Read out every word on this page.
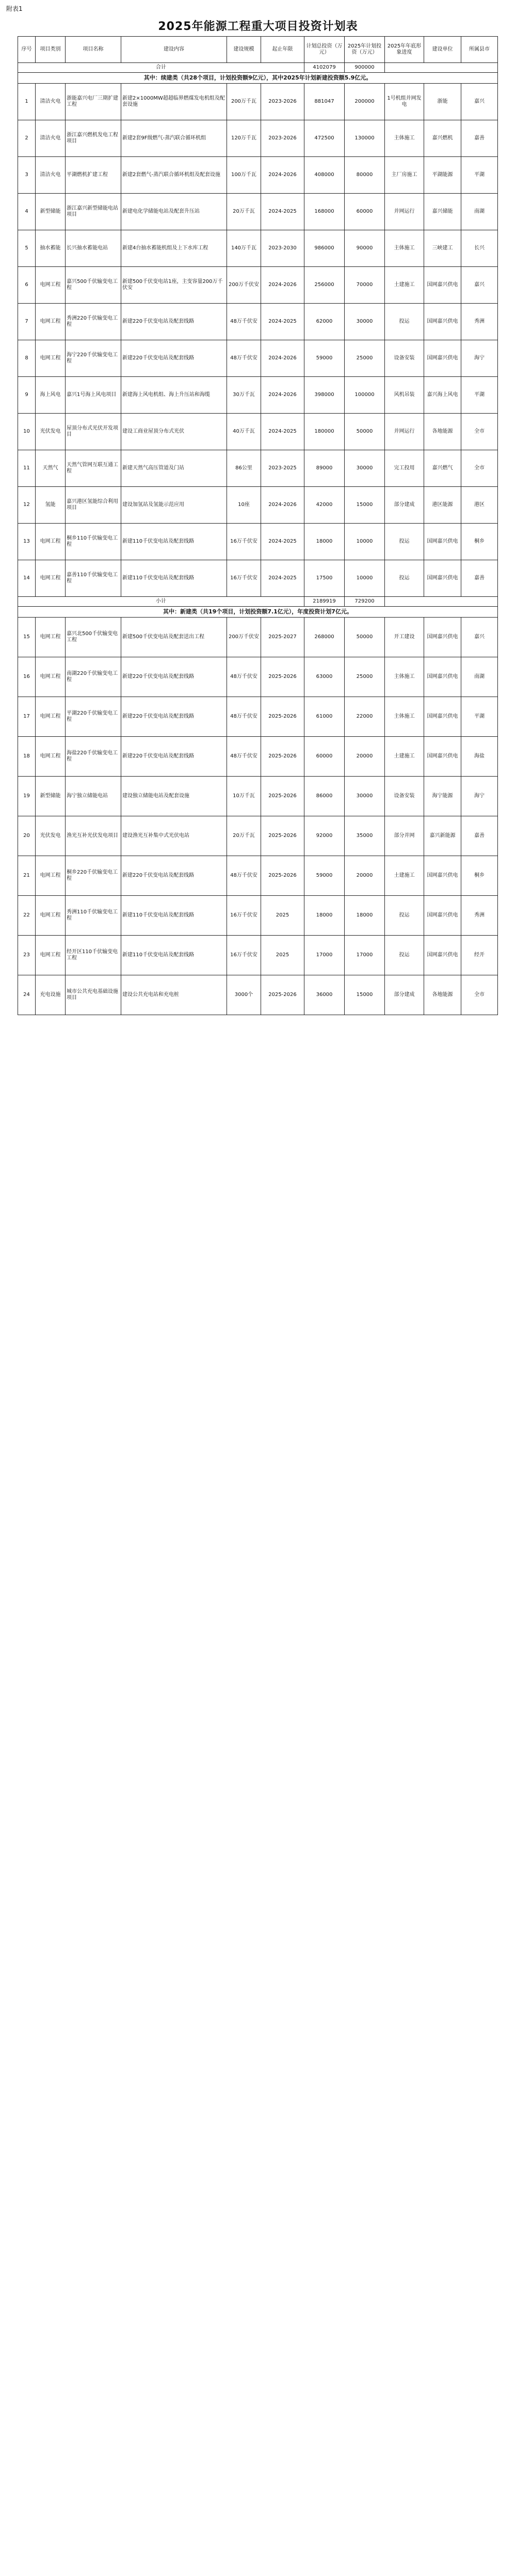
附表1
2025年能源工程重大项目投资计划表
序号	项目类别	项目名称	建设内容	建设规模	起止年限	计划总投资（万元）	2025年计划投资（万元）	2025年年底形象进度	建设单位	所属县市
合计						4102079	900000			
其中：续建类（共28个项目，计划投资额9亿元），其中2025年计划新建投资额5.9亿元。										
1	清洁火电	浙能嘉兴电厂三期扩建工程	新建2×1000MW超超临界燃煤发电机组及配套设施	200万千瓦	2023-2026	881047	200000	1号机组并网发电	浙能	嘉兴
2	清洁火电	浙江嘉兴燃机发电工程项目	新建2套9F级燃气-蒸汽联合循环机组	120万千瓦	2023-2026	472500	130000	主体施工	嘉兴燃机	嘉善
3	清洁火电	平湖燃机扩建工程	新建2套燃气-蒸汽联合循环机组及配套设施	100万千瓦	2024-2026	408000	80000	主厂房施工	平湖能源	平湖
4	新型储能	浙江嘉兴新型储能电站项目	新建电化学储能电站及配套升压站	20万千瓦	2024-2025	168000	60000	并网运行	嘉兴储能	南湖
5	抽水蓄能	长兴抽水蓄能电站	新建4台抽水蓄能机组及上下水库工程	140万千瓦	2023-2030	986000	90000	主体施工	三峡建工	长兴
6	电网工程	嘉兴500千伏输变电工程	新建500千伏变电站1座，主变容量200万千伏安	200万千伏安	2024-2026	256000	70000	土建施工	国网嘉兴供电	嘉兴
7	电网工程	秀洲220千伏输变电工程	新建220千伏变电站及配套线路	48万千伏安	2024-2025	62000	30000	投运	国网嘉兴供电	秀洲
8	电网工程	海宁220千伏输变电工程	新建220千伏变电站及配套线路	48万千伏安	2024-2026	59000	25000	设备安装	国网嘉兴供电	海宁
9	海上风电	嘉兴1号海上风电项目	新建海上风电机组、海上升压站和海缆	30万千瓦	2024-2026	398000	100000	风机吊装	嘉兴海上风电	平湖
10	光伏发电	屋顶分布式光伏开发项目	建设工商业屋顶分布式光伏	40万千瓦	2024-2025	180000	50000	并网运行	各地能源	全市
11	天然气	天然气管网互联互通工程	新建天然气高压管道及门站	86公里	2023-2025	89000	30000	完工投用	嘉兴燃气	全市
12	氢能	嘉兴港区氢能综合利用项目	建设加氢站及氢能示范应用	10座	2024-2026	42000	15000	部分建成	港区能源	港区
13	电网工程	桐乡110千伏输变电工程	新建110千伏变电站及配套线路	16万千伏安	2024-2025	18000	10000	投运	国网嘉兴供电	桐乡
14	电网工程	嘉善110千伏输变电工程	新建110千伏变电站及配套线路	16万千伏安	2024-2025	17500	10000	投运	国网嘉兴供电	嘉善
小计						2189919	729200			
其中：新建类（共19个项目，计划投资额7.1亿元），年度投资计划7亿元。										
15	电网工程	嘉兴北500千伏输变电工程	新建500千伏变电站及配套送出工程	200万千伏安	2025-2027	268000	50000	开工建设	国网嘉兴供电	嘉兴
16	电网工程	南湖220千伏输变电工程	新建220千伏变电站及配套线路	48万千伏安	2025-2026	63000	25000	主体施工	国网嘉兴供电	南湖
17	电网工程	平湖220千伏输变电工程	新建220千伏变电站及配套线路	48万千伏安	2025-2026	61000	22000	主体施工	国网嘉兴供电	平湖
18	电网工程	海盐220千伏输变电工程	新建220千伏变电站及配套线路	48万千伏安	2025-2026	60000	20000	土建施工	国网嘉兴供电	海盐
19	新型储能	海宁独立储能电站	建设独立储能电站及配套设施	10万千瓦	2025-2026	86000	30000	设备安装	海宁能源	海宁
20	光伏发电	渔光互补光伏发电项目	建设渔光互补集中式光伏电站	20万千瓦	2025-2026	92000	35000	部分并网	嘉兴新能源	嘉善
21	电网工程	桐乡220千伏输变电工程	新建220千伏变电站及配套线路	48万千伏安	2025-2026	59000	20000	土建施工	国网嘉兴供电	桐乡
22	电网工程	秀洲110千伏输变电工程	新建110千伏变电站及配套线路	16万千伏安	2025	18000	18000	投运	国网嘉兴供电	秀洲
23	电网工程	经开区110千伏输变电工程	新建110千伏变电站及配套线路	16万千伏安	2025	17000	17000	投运	国网嘉兴供电	经开
24	充电设施	城市公共充电基础设施项目	建设公共充电站和充电桩	3000个	2025-2026	36000	15000	部分建成	各地能源	全市
